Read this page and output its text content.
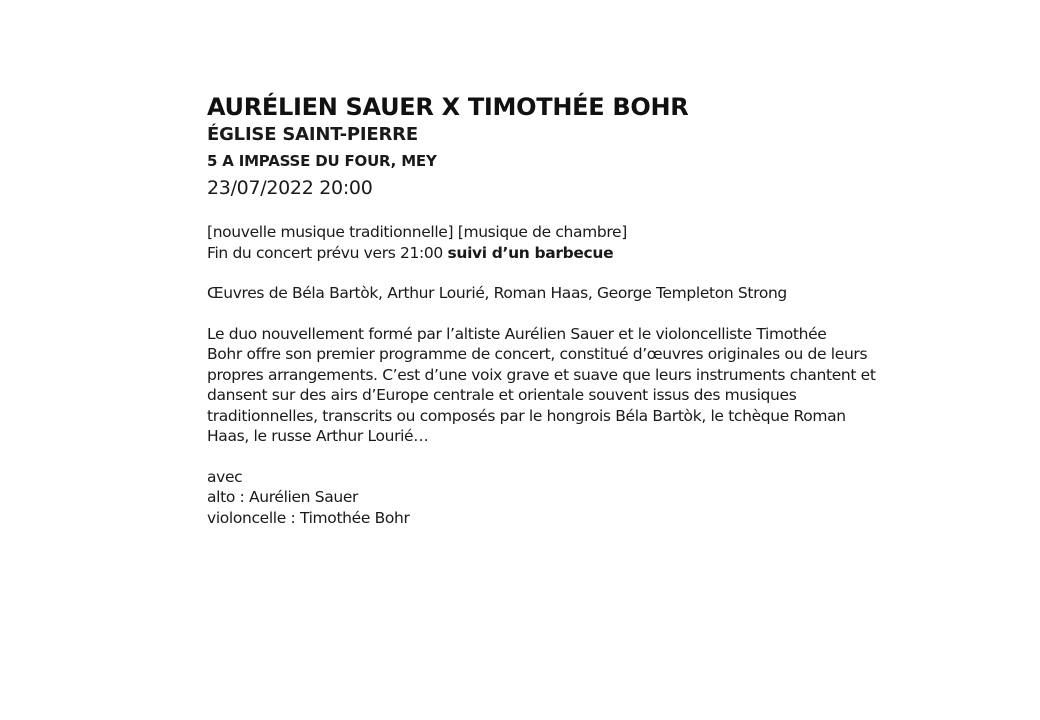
AURÉLIEN SAUER X TIMOTHÉE BOHR

ÉGLISE SAINT-PIERRE

5 A IMPASSE DU FOUR, MEY

23/07/2022 20:00

[nouvelle musique traditionnelle] [musique de chambre]
Fin du concert prévu vers 21:00 suivi d’un barbecue
Œuvres de Béla Bartòk, Arthur Lourié, Roman Haas, George Templeton Strong
Le duo nouvellement formé par l’altiste Aurélien Sauer et le violoncelliste Timothée
Bohr offre son premier programme de concert, constitué d’œuvres originales ou de leurs
propres arrangements. C’est d’une voix grave et suave que leurs instruments chantent et
dansent sur des airs d’Europe centrale et orientale souvent issus des musiques
traditionnelles, transcrits ou composés par le hongrois Béla Bartòk, le tchèque Roman
Haas, le russe Arthur Lourié…
avec
alto : Aurélien Sauer
violoncelle : Timothée Bohr
